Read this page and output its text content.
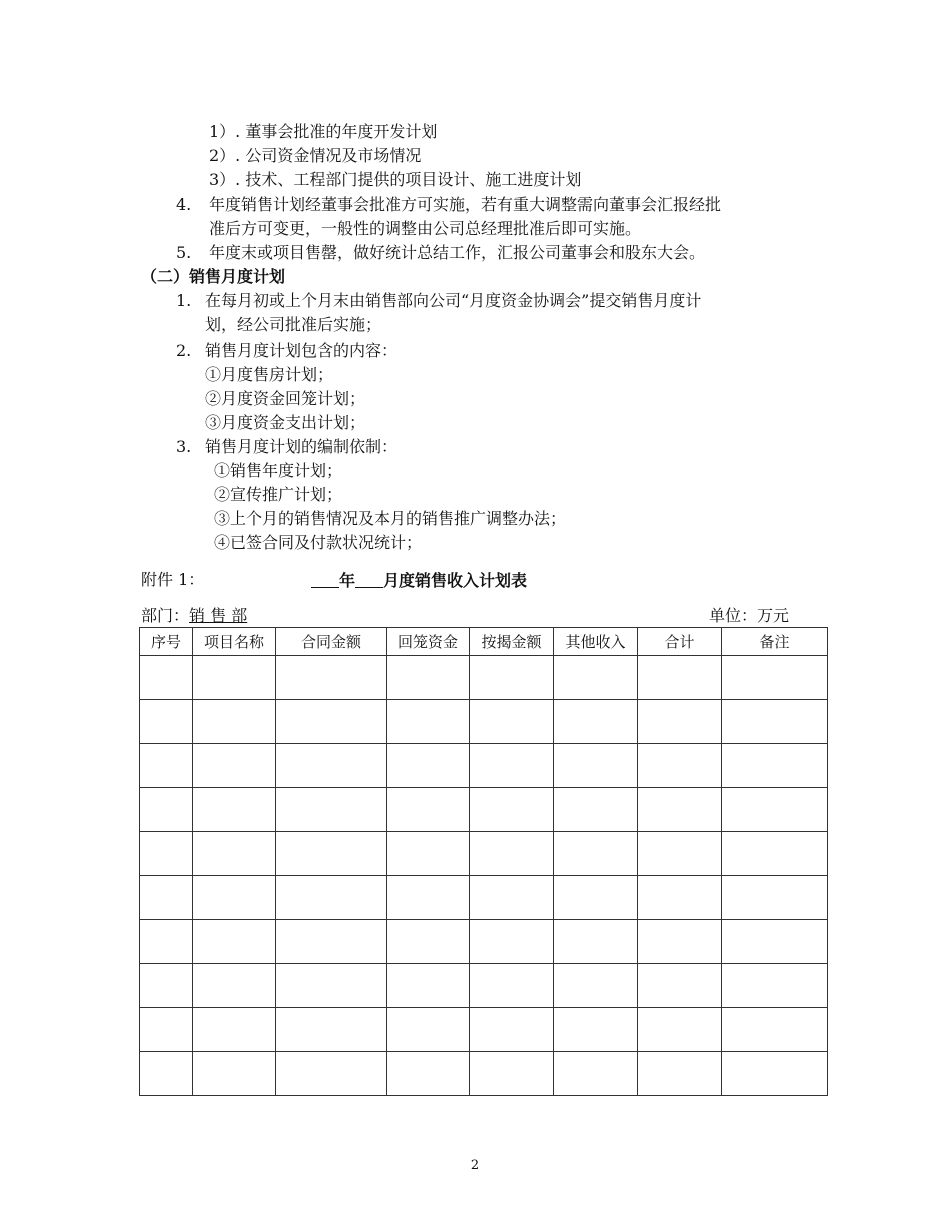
1）. 董事会批准的年度开发计划
2）. 公司资金情况及市场情况
3）. 技术、工程部门提供的项目设计、施工进度计划
4. 年度销售计划经董事会批准方可实施，若有重大调整需向董事会汇报经批
准后方可变更，一般性的调整由公司总经理批准后即可实施。
5. 年度末或项目售罄，做好统计总结工作，汇报公司董事会和股东大会。
（二）销售月度计划
1. 在每月初或上个月末由销售部向公司“月度资金协调会”提交销售月度计
划，经公司批准后实施；
2. 销售月度计划包含的内容：
①月度售房计划；
②月度资金回笼计划；
③月度资金支出计划；
3. 销售月度计划的编制依制：
①销售年度计划；
②宣传推广计划；
③上个月的销售情况及本月的销售推广调整办法；
④已签合同及付款状况统计；
附件 1：	年 月度销售收入计划表
部门：销 售 部	单位：万元
序号	项目名称	合同金额	回笼资金	按揭金额	其他收入	合计	备注

2
